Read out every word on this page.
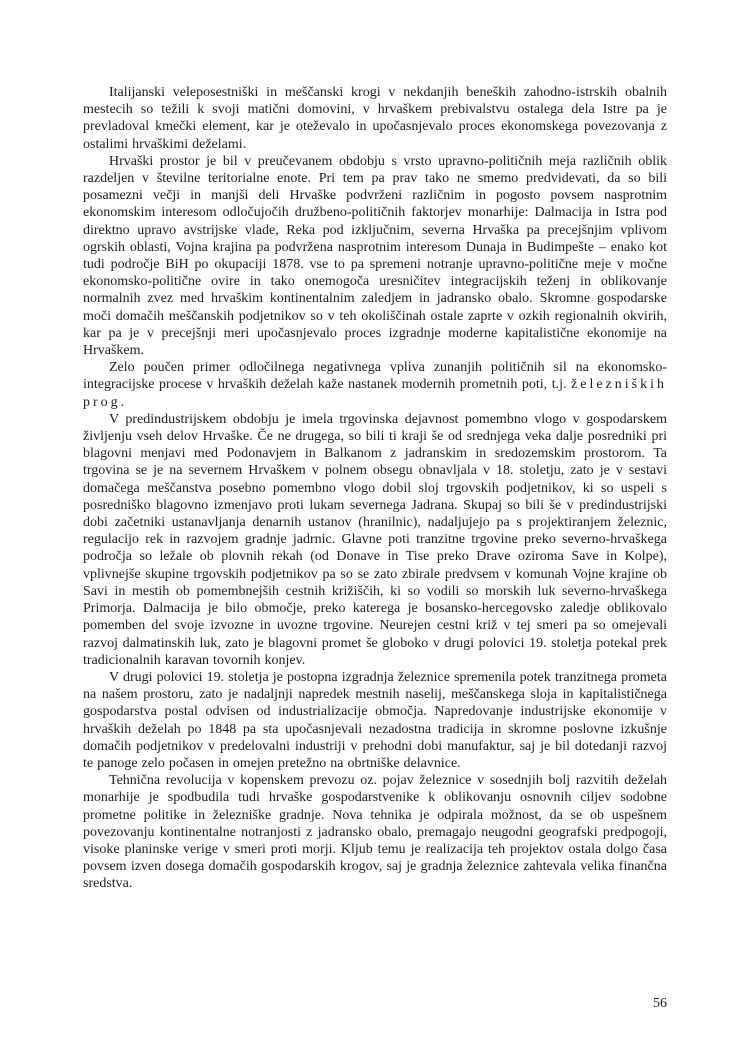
Italijanski veleposestniški in meščanski krogi v nekdanjih beneških zahodno-istrskih obalnih mestecih so težili k svoji matični domovini, v hrvaškem prebivalstvu ostalega dela Istre pa je prevladoval kmečki element, kar je oteževalo in upočasnjevalo proces ekonomskega povezovanja z ostalimi hrvaškimi deželami.

Hrvaški prostor je bil v preučevanem obdobju s vrsto upravno-političnih meja različnih oblik razdeljen v številne teritorialne enote. Pri tem pa prav tako ne smemo predvidevati, da so bili posamezni večji in manjši deli Hrvaške podvrženi različnim in pogosto povsem nasprotnim ekonomskim interesom odločujočih družbeno-političnih faktorjev monarhije: Dalmacija in Istra pod direktno upravo avstrijske vlade, Reka pod izključnim, severna Hrvaška pa precejšnjim vplivom ogrskih oblasti, Vojna krajina pa podvržena nasprotnim interesom Dunaja in Budimpešte – enako kot tudi področje BiH po okupaciji 1878. vse to pa spremeni notranje upravno-politične meje v močne ekonomsko-politične ovire in tako onemogoča uresničitev integracijskih teženj in oblikovanje normalnih zvez med hrvaškim kontinentalnim zaledjem in jadransko obalo. Skromne gospodarske moči domačih meščanskih podjetnikov so v teh okoliščinah ostale zaprte v ozkih regionalnih okvirih, kar pa je v precejšnji meri upočasnjevalo proces izgradnje moderne kapitalistične ekonomije na Hrvaškem.

Zelo poučen primer odločilnega negativnega vpliva zunanjih političnih sil na ekonomsko-integracijske procese v hrvaških deželah kaže nastanek modernih prometnih poti, t.j. železniških prog.

V predindustrijskem obdobju je imela trgovinska dejavnost pomembno vlogo v gospodarskem življenju vseh delov Hrvaške. Če ne drugega, so bili ti kraji še od srednjega veka dalje posredniki pri blagovni menjavi med Podonavjem in Balkanom z jadranskim in sredozemskim prostorom. Ta trgovina se je na severnem Hrvaškem v polnem obsegu obnavljala v 18. stoletju, zato je v sestavi domačega meščanstva posebno pomembno vlogo dobil sloj trgovskih podjetnikov, ki so uspeli s posredniško blagovno izmenjavo proti lukam severnega Jadrana. Skupaj so bili še v predindustrijski dobi začetniki ustanavljanja denarnih ustanov (hranilnic), nadaljujejo pa s projektiranjem železnic, regulacijo rek in razvojem gradnje jadrnic. Glavne poti tranzitne trgovine preko severno-hrvaškega področja so ležale ob plovnih rekah (od Donave in Tise preko Drave oziroma Save in Kolpe), vplivnejše skupine trgovskih podjetnikov pa so se zato zbirale predvsem v komunah Vojne krajine ob Savi in mestih ob pomembnejših cestnih križiščih, ki so vodili so morskih luk severno-hrvaškega Primorja. Dalmacija je bilo območje, preko katerega je bosansko-hercegovsko zaledje oblikovalo pomemben del svoje izvozne in uvozne trgovine. Neurejen cestni križ v tej smeri pa so omejevali razvoj dalmatinskih luk, zato je blagovni promet še globoko v drugi polovici 19. stoletja potekal prek tradicionalnih karavan tovornih konjev.

V drugi polovici 19. stoletja je postopna izgradnja železnice spremenila potek tranzitnega prometa na našem prostoru, zato je nadaljnji napredek mestnih naselij, meščanskega sloja in kapitalističnega gospodarstva postal odvisen od industrializacije območja. Napredovanje industrijske ekonomije v hrvaških deželah po 1848 pa sta upočasnjevali nezadostna tradicija in skromne poslovne izkušnje domačih podjetnikov v predelovalni industriji v prehodni dobi manufaktur, saj je bil dotedanji razvoj te panoge zelo počasen in omejen pretežno na obrtniške delavnice.

Tehnična revolucija v kopenskem prevozu oz. pojav železnice v sosednjih bolj razvitih deželah monarhije je spodbudila tudi hrvaške gospodarstvenike k oblikovanju osnovnih ciljev sodobne prometne politike in železniške gradnje. Nova tehnika je odpirala možnost, da se ob uspešnem povezovanju kontinentalne notranjosti z jadransko obalo, premagajo neugodni geografski predpogoji, visoke planinske verige v smeri proti morji. Kljub temu je realizacija teh projektov ostala dolgo časa povsem izven dosega domačih gospodarskih krogov, saj je gradnja železnice zahtevala velika finančna sredstva.

56
